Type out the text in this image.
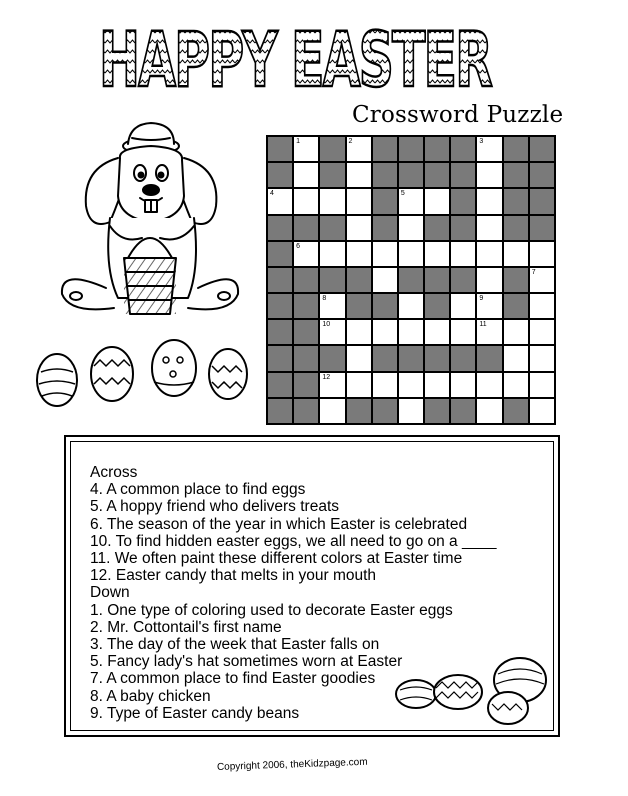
HAPPY EASTER
Crossword Puzzle
1	2	3
4	5
6
7
8	9
10	11
12
Across
4. A common place to find eggs
5. A hoppy friend who delivers treats
6. The season of the year in which Easter is celebrated
10. To find hidden easter eggs, we all need to go on a ____
11. We often paint these different colors at Easter time
12. Easter candy that melts in your mouth
Down
1. One type of coloring used to decorate Easter eggs
2. Mr. Cottontail's first name
3. The day of the week that Easter falls on
5. Fancy lady's hat sometimes worn at Easter
7. A common place to find Easter goodies
8. A baby chicken
9. Type of Easter candy beans
Copyright 2006, theKidzpage.com
